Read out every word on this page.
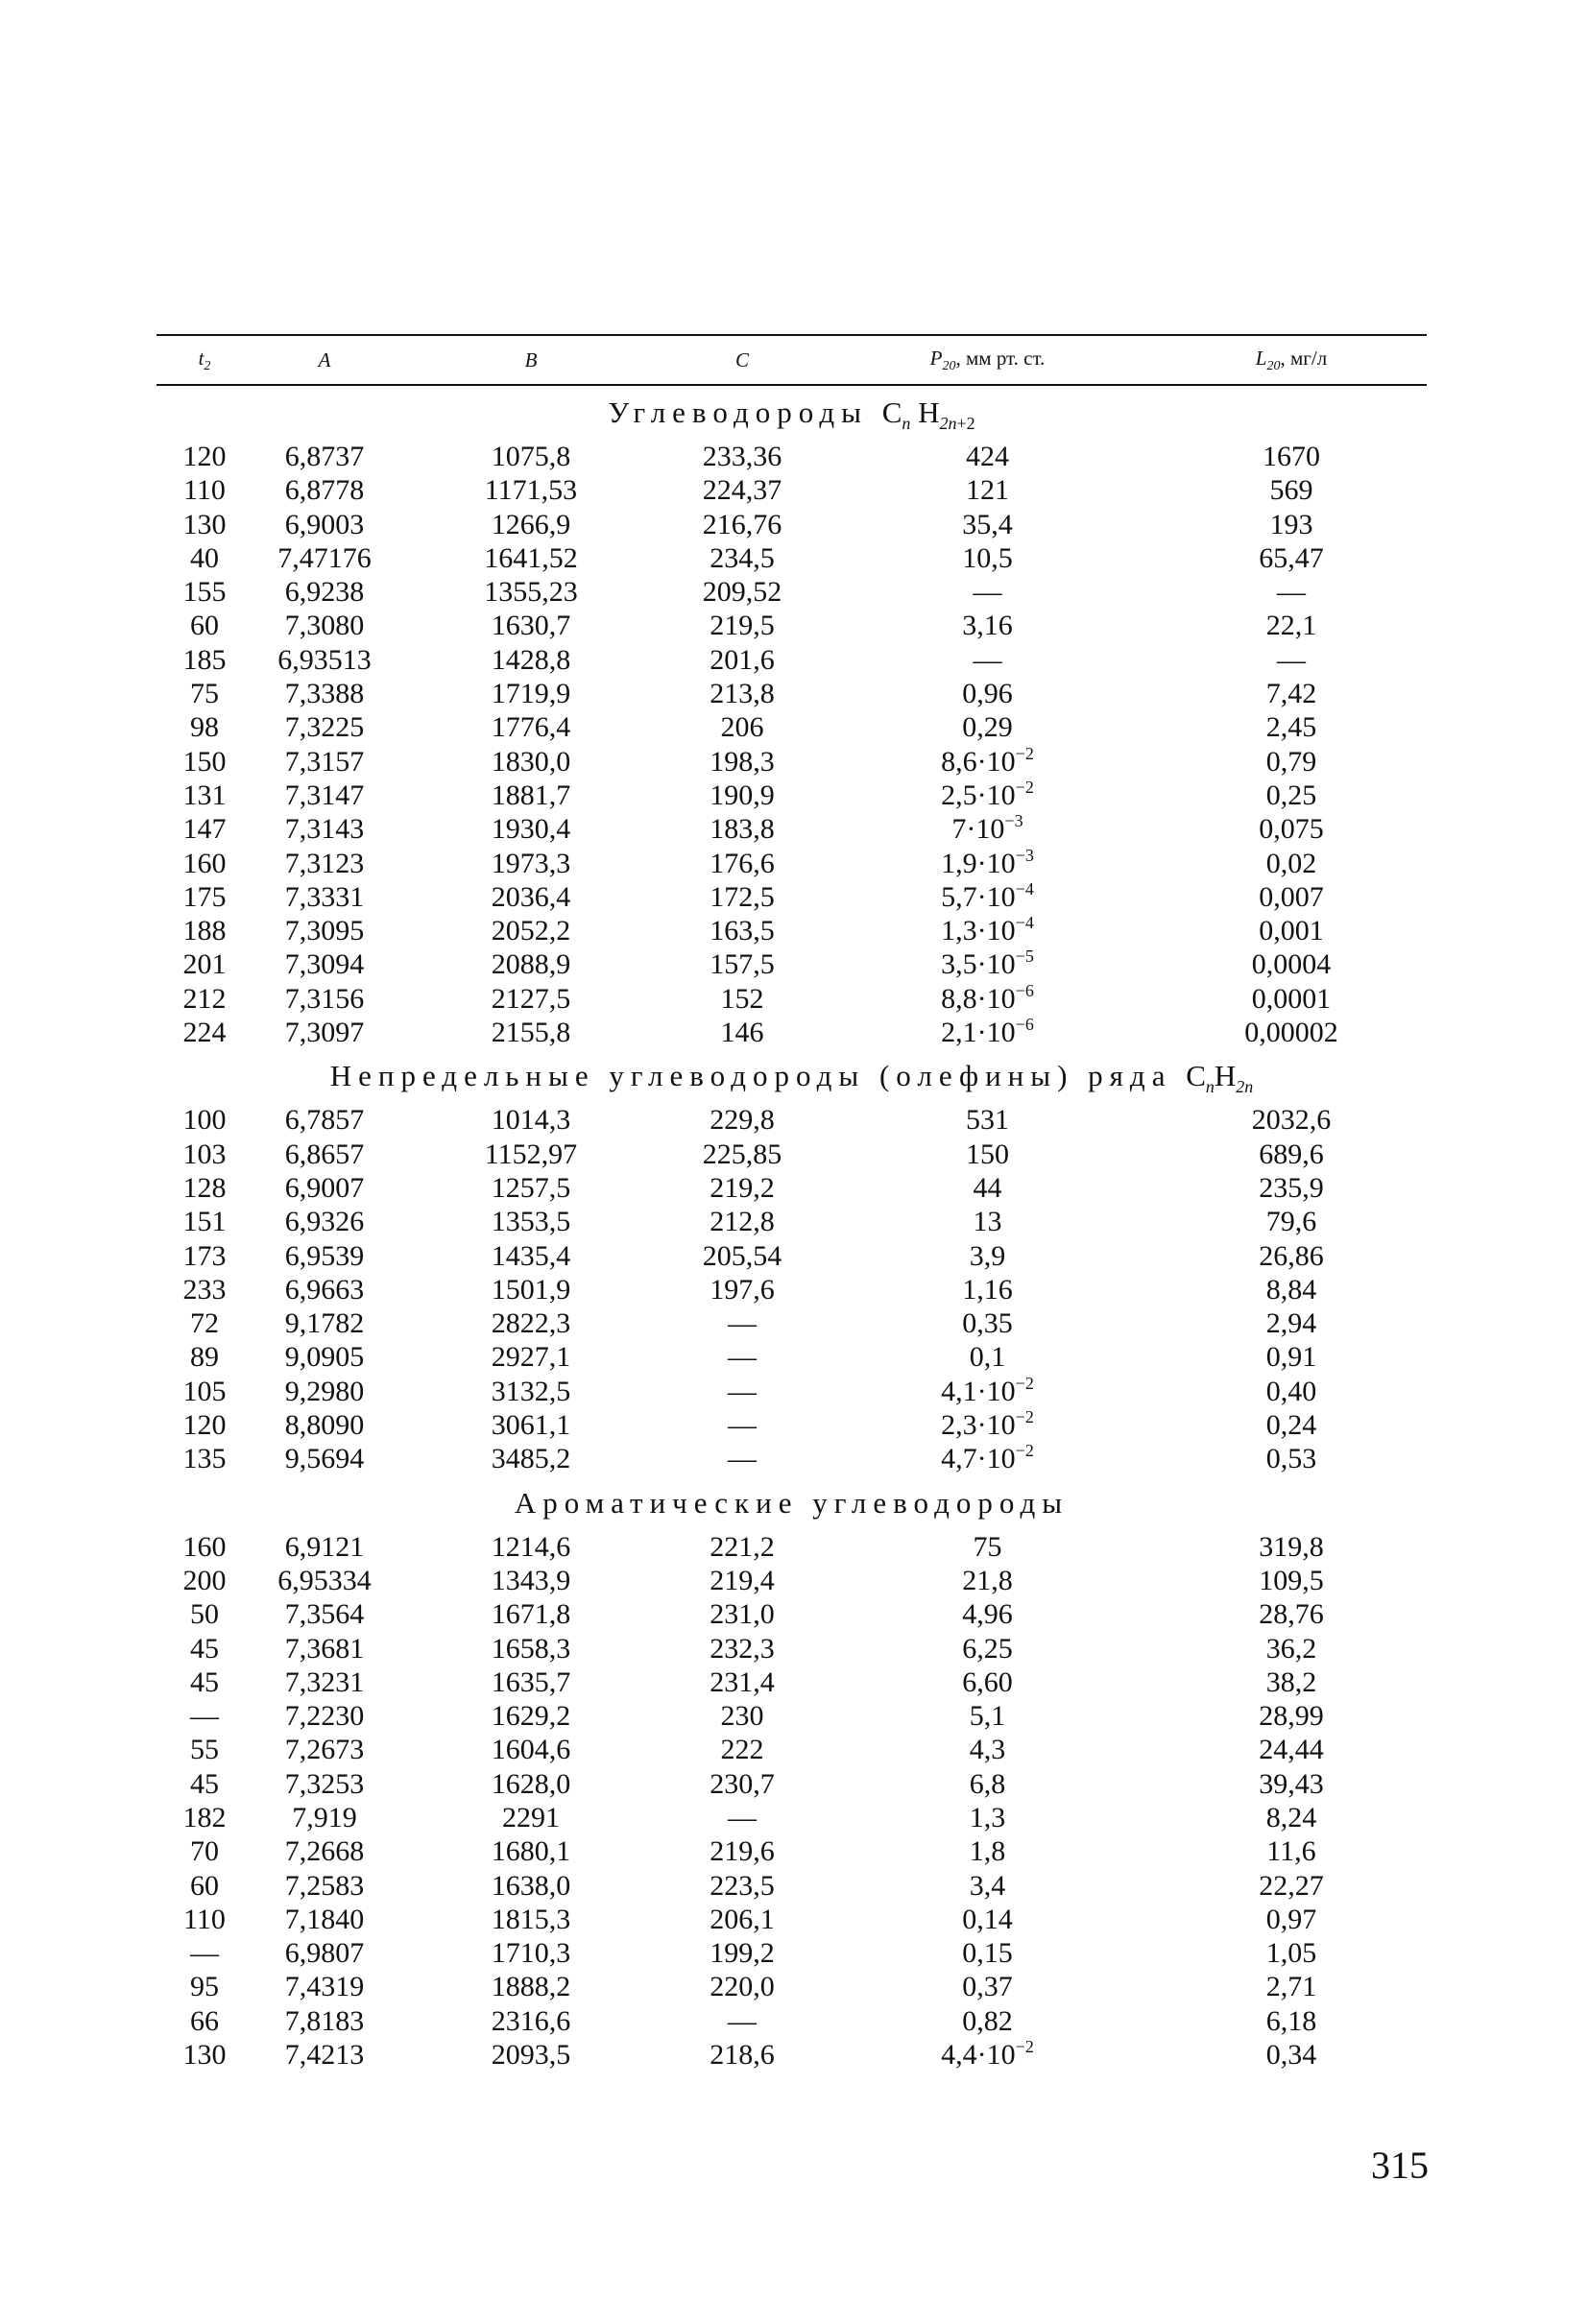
$t_2$	A	B	C	$P_{20}$, мм рт. ст.	$L_{20}$, мг/л
Углеводороды $C_n$ $H_{2n+2}$
120	6,8737	1075,8	233,36	424	1670
110	6,8778	1171,53	224,37	121	569
130	6,9003	1266,9	216,76	35,4	193
40	7,47176	1641,52	234,5	10,5	65,47
155	6,9238	1355,23	209,52	—	—
60	7,3080	1630,7	219,5	3,16	22,1
185	6,93513	1428,8	201,6	—	—
75	7,3388	1719,9	213,8	0,96	7,42
98	7,3225	1776,4	206	0,29	2,45
150	7,3157	1830,0	198,3	$8,6\cdot 10^{-2}$	0,79
131	7,3147	1881,7	190,9	$2,5\cdot 10^{-2}$	0,25
147	7,3143	1930,4	183,8	$7\cdot 10^{-3}$	0,075
160	7,3123	1973,3	176,6	$1,9\cdot 10^{-3}$	0,02
175	7,3331	2036,4	172,5	$5,7\cdot 10^{-4}$	0,007
188	7,3095	2052,2	163,5	$1,3\cdot 10^{-4}$	0,001
201	7,3094	2088,9	157,5	$3,5\cdot 10^{-5}$	0,0004
212	7,3156	2127,5	152	$8,8\cdot 10^{-6}$	0,0001
224	7,3097	2155,8	146	$2,1\cdot 10^{-6}$	0,00002
Непредельные углеводороды (олефины) ряда $C_nH_{2n}$
100	6,7857	1014,3	229,8	531	2032,6
103	6,8657	1152,97	225,85	150	689,6
128	6,9007	1257,5	219,2	44	235,9
151	6,9326	1353,5	212,8	13	79,6
173	6,9539	1435,4	205,54	3,9	26,86
233	6,9663	1501,9	197,6	1,16	8,84
72	9,1782	2822,3	—	0,35	2,94
89	9,0905	2927,1	—	0,1	0,91
105	9,2980	3132,5	—	$4,1\cdot 10^{-2}$	0,40
120	8,8090	3061,1	—	$2,3\cdot 10^{-2}$	0,24
135	9,5694	3485,2	—	$4,7\cdot 10^{-2}$	0,53
Ароматические углеводороды
160	6,9121	1214,6	221,2	75	319,8
200	6,95334	1343,9	219,4	21,8	109,5
50	7,3564	1671,8	231,0	4,96	28,76
45	7,3681	1658,3	232,3	6,25	36,2
45	7,3231	1635,7	231,4	6,60	38,2
—	7,2230	1629,2	230	5,1	28,99
55	7,2673	1604,6	222	4,3	24,44
45	7,3253	1628,0	230,7	6,8	39,43
182	7,919	2291	—	1,3	8,24
70	7,2668	1680,1	219,6	1,8	11,6
60	7,2583	1638,0	223,5	3,4	22,27
110	7,1840	1815,3	206,1	0,14	0,97
—	6,9807	1710,3	199,2	0,15	1,05
95	7,4319	1888,2	220,0	0,37	2,71
66	7,8183	2316,6	—	0,82	6,18
130	7,4213	2093,5	218,6	$4,4\cdot 10^{-2}$	0,34
315
